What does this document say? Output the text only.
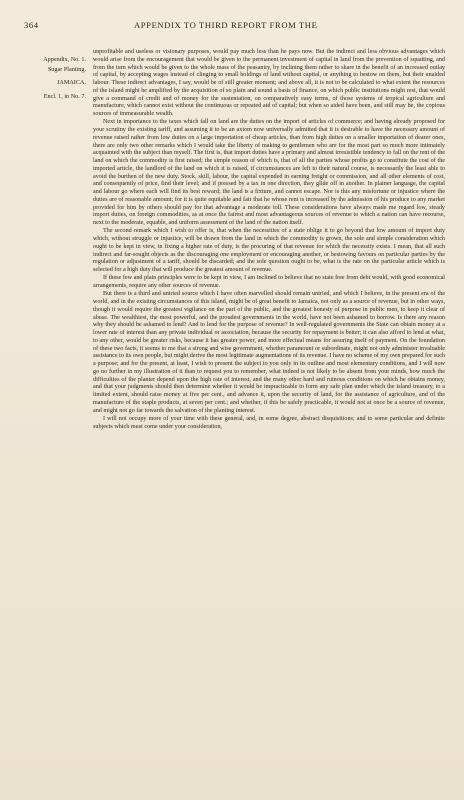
364	APPENDIX TO THIRD REPORT FROM THE
Appendix, No. 1.
Sugar Planting.
JAMAICA.
Encl. 1, in No. 7.

unprofitable and useless or visionary purposes, would pay much less than he pays now. But the indirect and less obvious advantages which would arise from the encouragement that would be given to the permanent investment of capital in land from the prevention of squatting, and from the turn which would be given to the whole mass of the peasantry, by inclining them rather to share in the benefit of an increased outlay of capital, by accepting wages instead of clinging to small holdings of land without capital, or anything to bestow on them, but their unaided labour. These indirect advantages, I say, would be of still greater moment; and above all, it is not to be calculated to what extent the resources of the island might be amplified by the acquisition of so plain and sound a basis of finance, on which public institutions might rest, that would give a command of credit and of money for the sustentation, on comparatively easy terms, of those systems of tropical agriculture and manufacture, which cannot exist without the continuous or repeated aid of capital; but when so aided have been, and still may be, the copious sources of immeasurable wealth.

Next in importance to the taxes which fall on land are the duties on the import of articles of commerce; and having already proposed for your scrutiny the existing tariff, and assuming it to be an axiom now universally admitted that it is desirable to have the necessary amount of revenue raised rather from low duties on a large importation of cheap articles, than from high duties on a smaller importation of dearer ones, there are only two other remarks which I would take the liberty of making to gentlemen who are for the most part so much more intimately acquainted with the subject than myself. The first is, that import duties have a primary and almost irresistible tendency to fall on the rent of the land on which the commodity is first raised; the simple reason of which is, that of all the parties whose profits go to constitute the cost of the imported article, the landlord of the land on which it is raised, if circumstances are left to their natural course, is necessarily the least able to avoid the burthen of the new duty. Stock, skill, labour, the capital expended in earning freight or commission, and all other elements of cost, and consequently of price, find their level; and if pressed by a tax in one direction, they glide off in another. In plainer language, the capital and labour go where each will find its best reward; the land is a fixture, and cannot escape. Nor is this any misfortune or injustice where the duties are of reasonable amount; for it is quite equitable and fair that he whose rent is increased by the admission of his produce to any market provided for him by others should pay for that advantage a moderate toll. These considerations have always made me regard low, steady import duties, on foreign commodities, as at once the fairest and most advantageous sources of revenue to which a nation can have recourse, next to the moderate, equable, and uniform assessment of the land of the nation itself.

The second remark which I wish to offer is, that when the necessities of a state oblige it to go beyond that low amount of import duty which, without struggle or injustice, will be drawn from the land in which the commodity is grown, the sole and simple consideration which ought to be kept in view, in fixing a higher rate of duty, is the procuring of that revenue for which the necessity exists. I mean, that all such indirect and far-sought objects as the discouraging one employment or encouraging another, or bestowing favours on particular parties by the regulation or adjustment of a tariff, should be discarded; and the sole question ought to be, what is the rate on the particular article which is selected for a high duty that will produce the greatest amount of revenue.

If these few and plain principles were to be kept in view, I am inclined to believe that no state free from debt would, with good economical arrangements, require any other sources of revenue.

But there is a third and untried source which I have often marvelled should remain untried, and which I believe, in the present era of the world, and in the existing circumstances of this island, might be of great benefit to Jamaica, not only as a source of revenue, but in other ways, though it would require the greatest vigilance on the part of the public, and the greatest honesty of purpose in public men, to keep it clear of abuse. The wealthiest, the most powerful, and the proudest governments in the world, have not been ashamed to borrow. Is there any reason why they should be ashamed to lend? And to lend for the purpose of revenue? In well-regulated governments the State can obtain money at a lower rate of interest than any private individual or association, because the security for repayment is better; it can also afford to lend at what, to any other, would be greater risks, because it has greater power, and more effectual means for assuring itself of payment. On the foundation of these two facts, it seems to me that a strong and wise government, whether paramount or subordinate, might not only administer invaluable assistance to its own people, but might derive the most legitimate augmentations of its revenue. I have no scheme of my own prepared for such a purpose; and for the present, at least, I wish to present the subject to you only in its outline and most elementary conditions, and I will now go no further in my illustration of it than to request you to remember, what indeed is not likely to be absent from your minds, how much the difficulties of the planter depend upon the high rate of interest, and the many other hard and ruinous conditions on which he obtains money, and that your judgments should then determine whether it would be impracticable to form any safe plan under which the island treasury, to a limited extent, should raise money at five per cent., and advance it, upon the security of land, for the assistance of agriculture, and of the manufacture of the staple products, at seven per cent.; and whether, if this be safely practicable, it would not at once be a source of revenue, and might not go far towards the salvation of the planting interest.

I will not occupy more of your time with these general, and, in some degree, abstract disquisitions; and to some particular and definite subjects which must come under your consideration,
